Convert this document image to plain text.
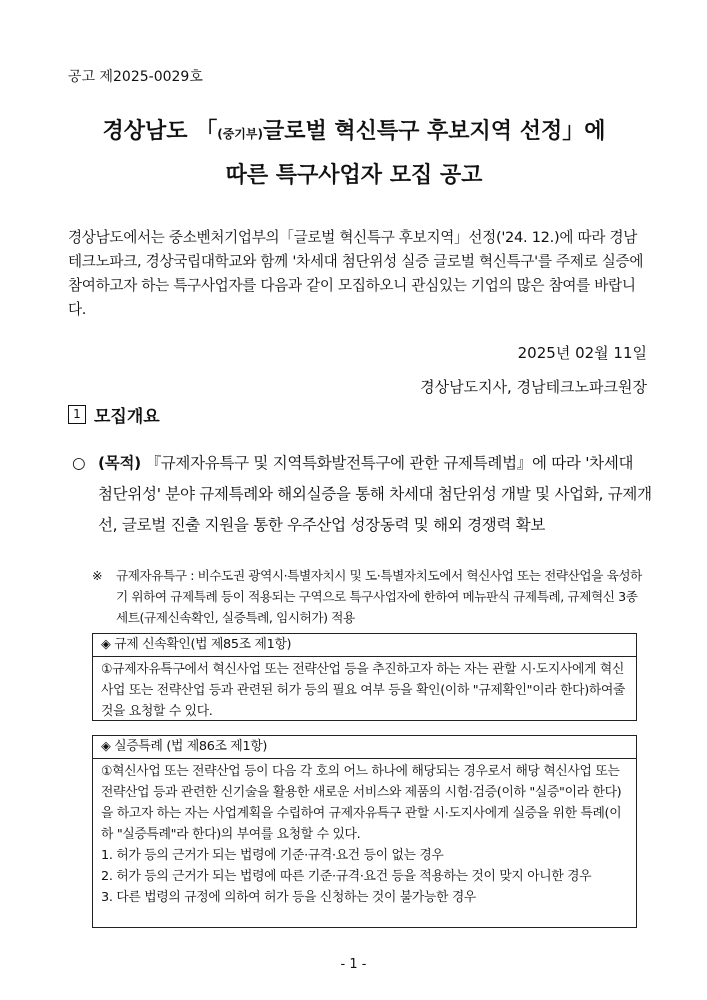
공고 제2025-0029호
경상남도 「$^{(중기부)}$글로벌 혁신특구 후보지역 선정」에
따른 특구사업자 모집 공고
경상남도에서는 중소벤처기업부의「글로벌 혁신특구 후보지역」선정('24. 12.)에 따라 경남테크노파크, 경상국립대학교와 함께 '차세대 첨단위성 실증 글로벌 혁신특구'를 주제로 실증에 참여하고자 하는 특구사업자를 다음과 같이 모집하오니 관심있는 기업의 많은 참여를 바랍니다.
2025년 02월 11일
경상남도지사, 경남테크노파크원장
1 모집개요
○ (목적) 『규제자유특구 및 지역특화발전특구에 관한 규제특례법』에 따라 '차세대 첨단위성' 분야 규제특례와 해외실증을 통해 차세대 첨단위성 개발 및 사업화, 규제개선, 글로벌 진출 지원을 통한 우주산업 성장동력 및 해외 경쟁력 확보
※ 규제자유특구 : 비수도권 광역시·특별자치시 및 도·특별자치도에서 혁신사업 또는 전략산업을 육성하기 위하여 규제특례 등이 적용되는 구역으로 특구사업자에 한하여 메뉴판식 규제특례, 규제혁신 3종 세트(규제신속확인, 실증특례, 임시허가) 적용
◈ 규제 신속확인(법 제85조 제1항)
①규제자유특구에서 혁신사업 또는 전략산업 등을 추진하고자 하는 자는 관할 시·도지사에게 혁신사업 또는 전략산업 등과 관련된 허가 등의 필요 여부 등을 확인(이하 "규제확인"이라 한다)하여줄 것을 요청할 수 있다.
◈ 실증특례 (법 제86조 제1항)
①혁신사업 또는 전략산업 등이 다음 각 호의 어느 하나에 해당되는 경우로서 해당 혁신사업 또는 전략산업 등과 관련한 신기술을 활용한 새로운 서비스와 제품의 시험·검증(이하 "실증"이라 한다)을 하고자 하는 자는 사업계획을 수립하여 규제자유특구 관할 시·도지사에게 실증을 위한 특례(이하 "실증특례"라 한다)의 부여를 요청할 수 있다.
1. 허가 등의 근거가 되는 법령에 기준·규격·요건 등이 없는 경우
2. 허가 등의 근거가 되는 법령에 따른 기준·규격·요건 등을 적용하는 것이 맞지 아니한 경우
3. 다른 법령의 규정에 의하여 허가 등을 신청하는 것이 불가능한 경우
- 1 -
